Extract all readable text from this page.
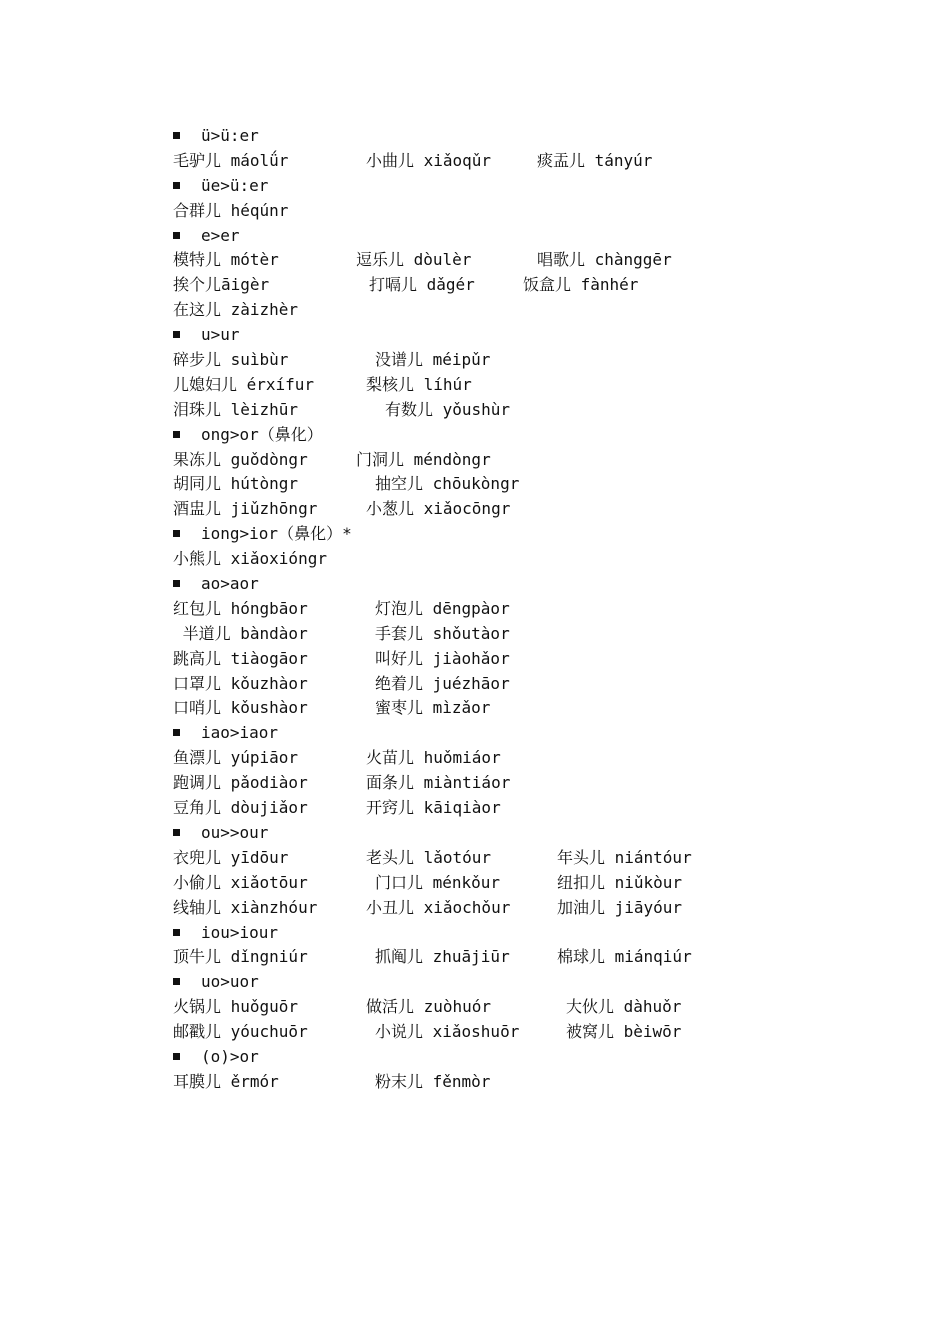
ü>ü:er
毛驴儿 máolǘr	小曲儿 xiǎoqǔr	痰盂儿 tányúr
üe>ü:er
合群儿 héqúnr
e>er
模特儿 mótèr	逗乐儿 dòulèr	唱歌儿 chànggēr
挨个儿āigèr	打嗝儿 dǎgér	饭盒儿 fànhér
在这儿 zàizhèr
u>ur
碎步儿 suìbùr	没谱儿 méipǔr
儿媳妇儿 érxífur	梨核儿 líhúr
泪珠儿 lèizhūr	有数儿 yǒushùr
ong>or（鼻化）
果冻儿 guǒdòngr	门洞儿 méndòngr
胡同儿 hútòngr	抽空儿 chōukòngr
酒盅儿 jiǔzhōngr	小葱儿 xiǎocōngr
iong>ior（鼻化）*
小熊儿 xiǎoxióngr
ao>aor
红包儿 hóngbāor	灯泡儿 dēngpàor
半道儿 bàndàor	手套儿 shǒutàor
跳高儿 tiàogāor	叫好儿 jiàohǎor
口罩儿 kǒuzhàor	绝着儿 juézhāor
口哨儿 kǒushàor	蜜枣儿 mìzǎor
iao>iaor
鱼漂儿 yúpiāor	火苗儿 huǒmiáor
跑调儿 pǎodiàor	面条儿 miàntiáor
豆角儿 dòujiǎor	开窍儿 kāiqiàor
ou>>our
衣兜儿 yīdōur	老头儿 lǎotóur	年头儿 niántóur
小偷儿 xiǎotōur	门口儿 ménkǒur	纽扣儿 niǔkòur
线轴儿 xiànzhóur	小丑儿 xiǎochǒur	加油儿 jiāyóur
iou>iour
顶牛儿 dǐngniúr	抓阄儿 zhuājiūr	棉球儿 miánqiúr
uo>uor
火锅儿 huǒguōr	做活儿 zuòhuór	大伙儿 dàhuǒr
邮戳儿 yóuchuōr	小说儿 xiǎoshuōr	被窝儿 bèiwōr
(o)>or
耳膜儿 ěrmór	粉末儿 fěnmòr
